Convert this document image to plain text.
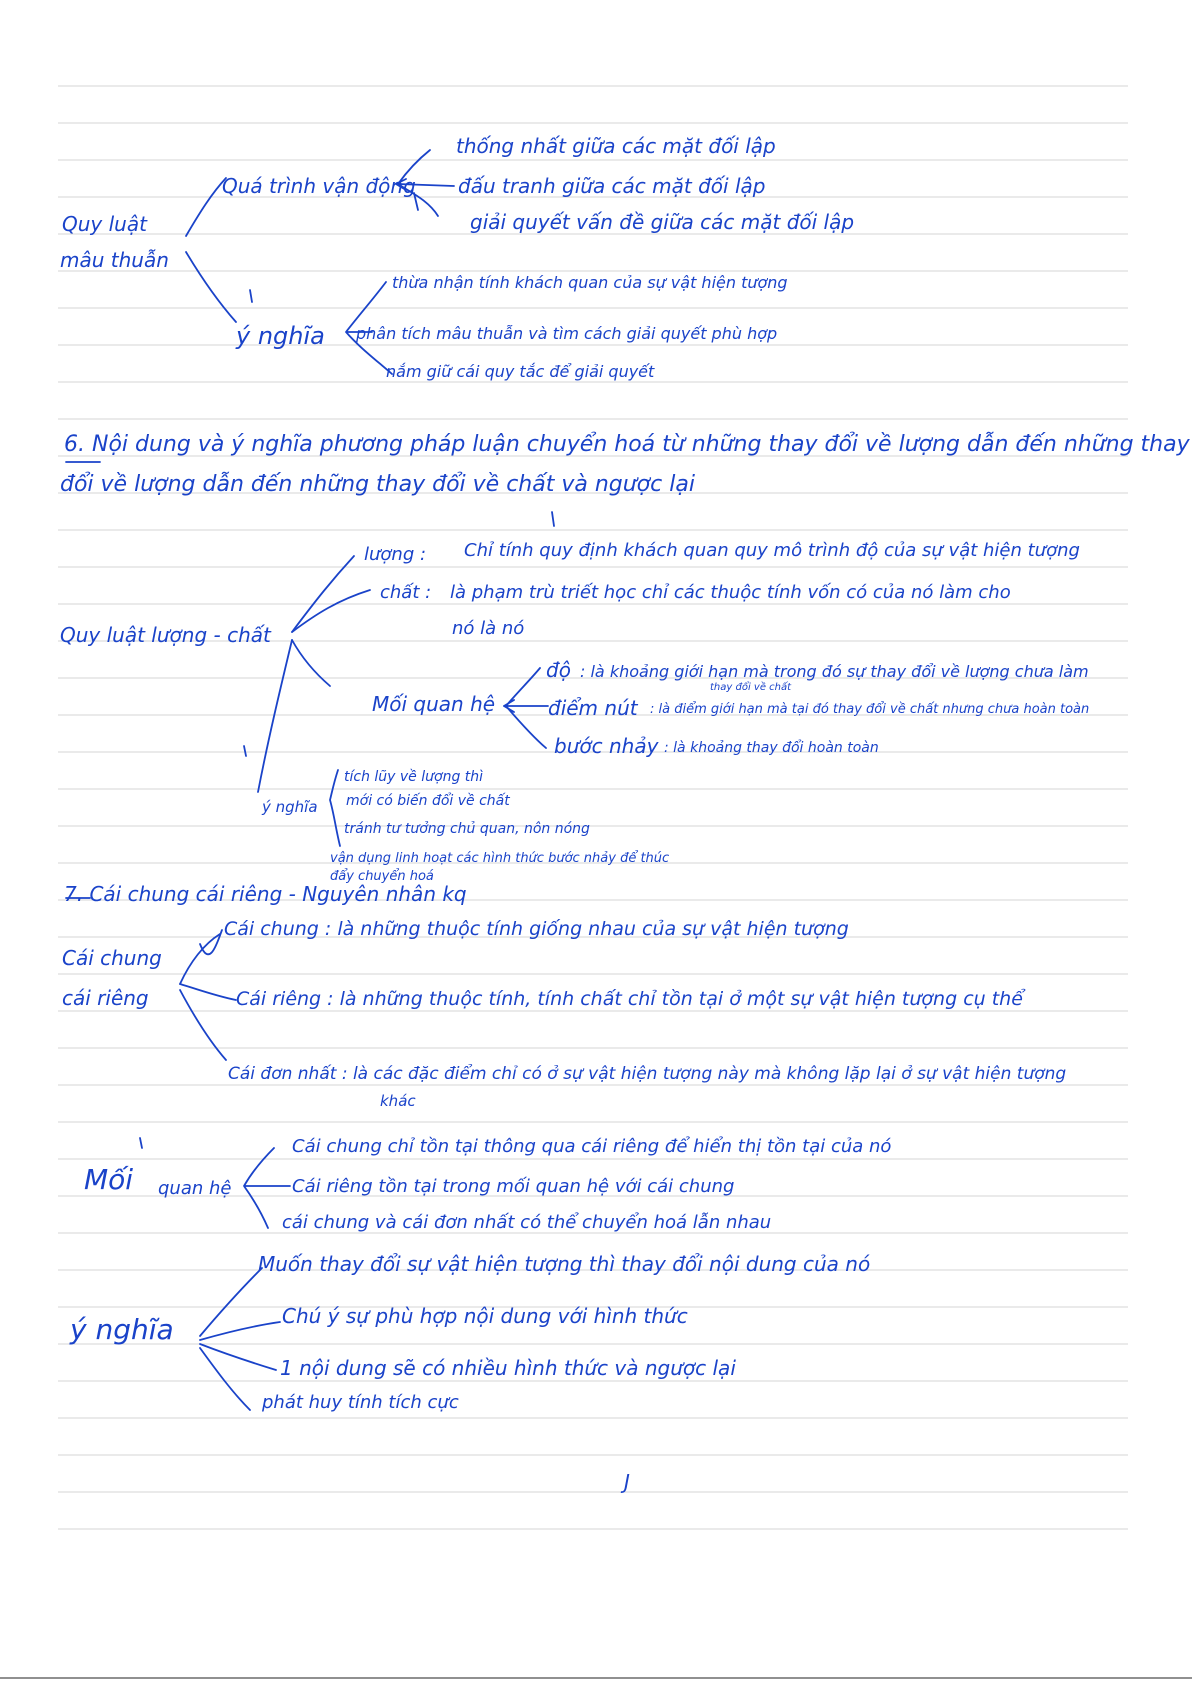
Quy luật
mâu thuẫn
Quá trình vận động
thống nhất giữa các mặt đối lập
đấu tranh giữa các mặt đối lập
giải quyết vấn đề giữa các mặt đối lập
ý nghĩa
thừa nhận tính khách quan của sự vật hiện tượng
phân tích mâu thuẫn và tìm cách giải quyết phù hợp
nắm giữ cái quy tắc để giải quyết
6. Nội dung và ý nghĩa phương pháp luận chuyển hoá từ những thay đổi về lượng dẫn đến những thay
đổi về lượng dẫn đến những thay đổi về chất và ngược lại
Quy luật lượng - chất
lượng : Chỉ tính quy định khách quan quy mô trình độ của sự vật hiện tượng
chất : là phạm trù triết học chỉ các thuộc tính vốn có của nó làm cho
nó là nó
Mối quan hệ
độ : là khoảng giới hạn mà trong đó sự thay đổi về lượng chưa làm
thay đổi về chất
điểm nút : là điểm giới hạn mà tại đó thay đổi về chất nhưng chưa hoàn toàn
bước nhảy : là khoảng thay đổi hoàn toàn
ý nghĩa
tích lũy về lượng thì
mới có biến đổi về chất
tránh tư tưởng chủ quan, nôn nóng
vận dụng linh hoạt các hình thức bước nhảy để thúc
đẩy chuyển hoá
7. Cái chung cái riêng - Nguyên nhân kq
Cái chung
cái riêng
Cái chung : là những thuộc tính giống nhau của sự vật hiện tượng
Cái riêng : là những thuộc tính, tính chất chỉ tồn tại ở một sự vật hiện tượng cụ thể
Cái đơn nhất : là các đặc điểm chỉ có ở sự vật hiện tượng này mà không lặp lại ở sự vật hiện tượng
khác
Mối quan hệ
Cái chung chỉ tồn tại thông qua cái riêng để hiển thị tồn tại của nó
Cái riêng tồn tại trong mối quan hệ với cái chung
cái chung và cái đơn nhất có thể chuyển hoá lẫn nhau
ý nghĩa
Muốn thay đổi sự vật hiện tượng thì thay đổi nội dung của nó
Chú ý sự phù hợp nội dung với hình thức
1 nội dung sẽ có nhiều hình thức và ngược lại
phát huy tính tích cực
J
